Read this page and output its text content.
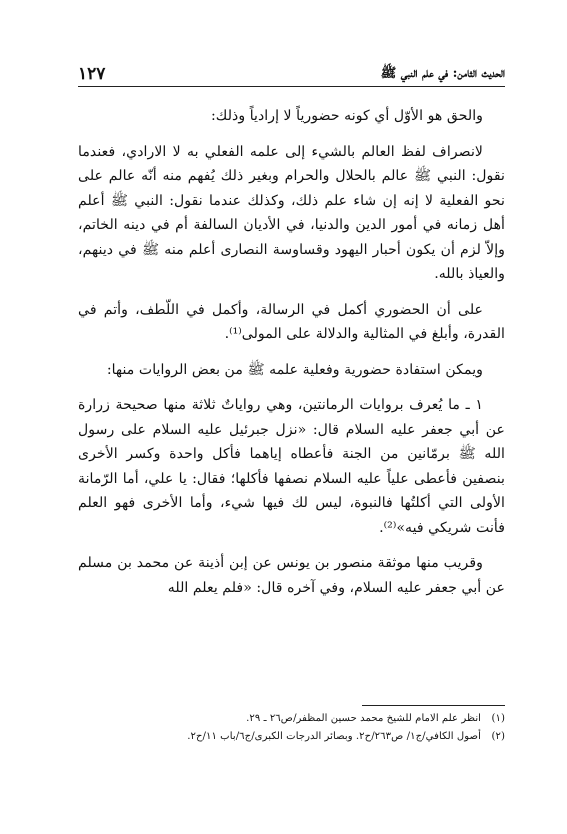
الحديث الثامن: في علم النبي ﷺ
١٢٧

والحق هو الأوّل أي كونه حضورياً لا إرادياً وذلك:

لانصراف لفظ العالم بالشيء إلى علمه الفعلي به لا الارادي، فعندما نقول: النبي ﷺ عالم بالحلال والحرام وبغير ذلك يُفهم منه أنّه عالم على نحو الفعلية لا إنه إن شاء علم ذلك، وكذلك عندما نقول: النبي ﷺ أعلم أهل زمانه في أمور الدين والدنيا، في الأديان السالفة أم في دينه الخاتم، وإلاّ لزم أن يكون أحبار اليهود وقساوسة النصارى أعلم منه ﷺ في دينهم، والعياذ بالله.

على أن الحضوري أكمل في الرسالة، وأكمل في اللّطف، وأتم في القدرة، وأبلغ في المثالية والدلالة على المولى⁽¹⁾.

ويمكن استفادة حضورية وفعلية علمه ﷺ من بعض الروايات منها:

١ ـ ما يُعرف بروايات الرمانتين، وهي رواياتٌ ثلاثة منها صحيحة زرارة عن أبي جعفر عليه السلام قال: «نزل جبرئيل عليه السلام على رسول الله ﷺ برمّانين من الجنة فأعطاه إياهما فأكل واحدة وكسر الأخرى بنصفين فأعطى علياً عليه السلام نصفها فأكلها؛ فقال: يا علي، أما الرّمانة الأولى التي أكلتُها فالنبوة، ليس لك فيها شيء، وأما الأخرى فهو العلم فأنت شريكي فيه»⁽²⁾.

وقريب منها موثقة منصور بن يونس عن إبن أذينة عن محمد بن مسلم عن أبي جعفر عليه السلام، وفي آخره قال: «فلم يعلم الله

(١)انظر علم الامام للشيخ محمد حسين المظفر/ص٢٦ ـ ٢٩.

(٢)أصول الكافي/ج١/ ص٢٦٣/ح٢. وبصائر الدرجات الكبرى/ج٦/باب ١١/ح٢.
